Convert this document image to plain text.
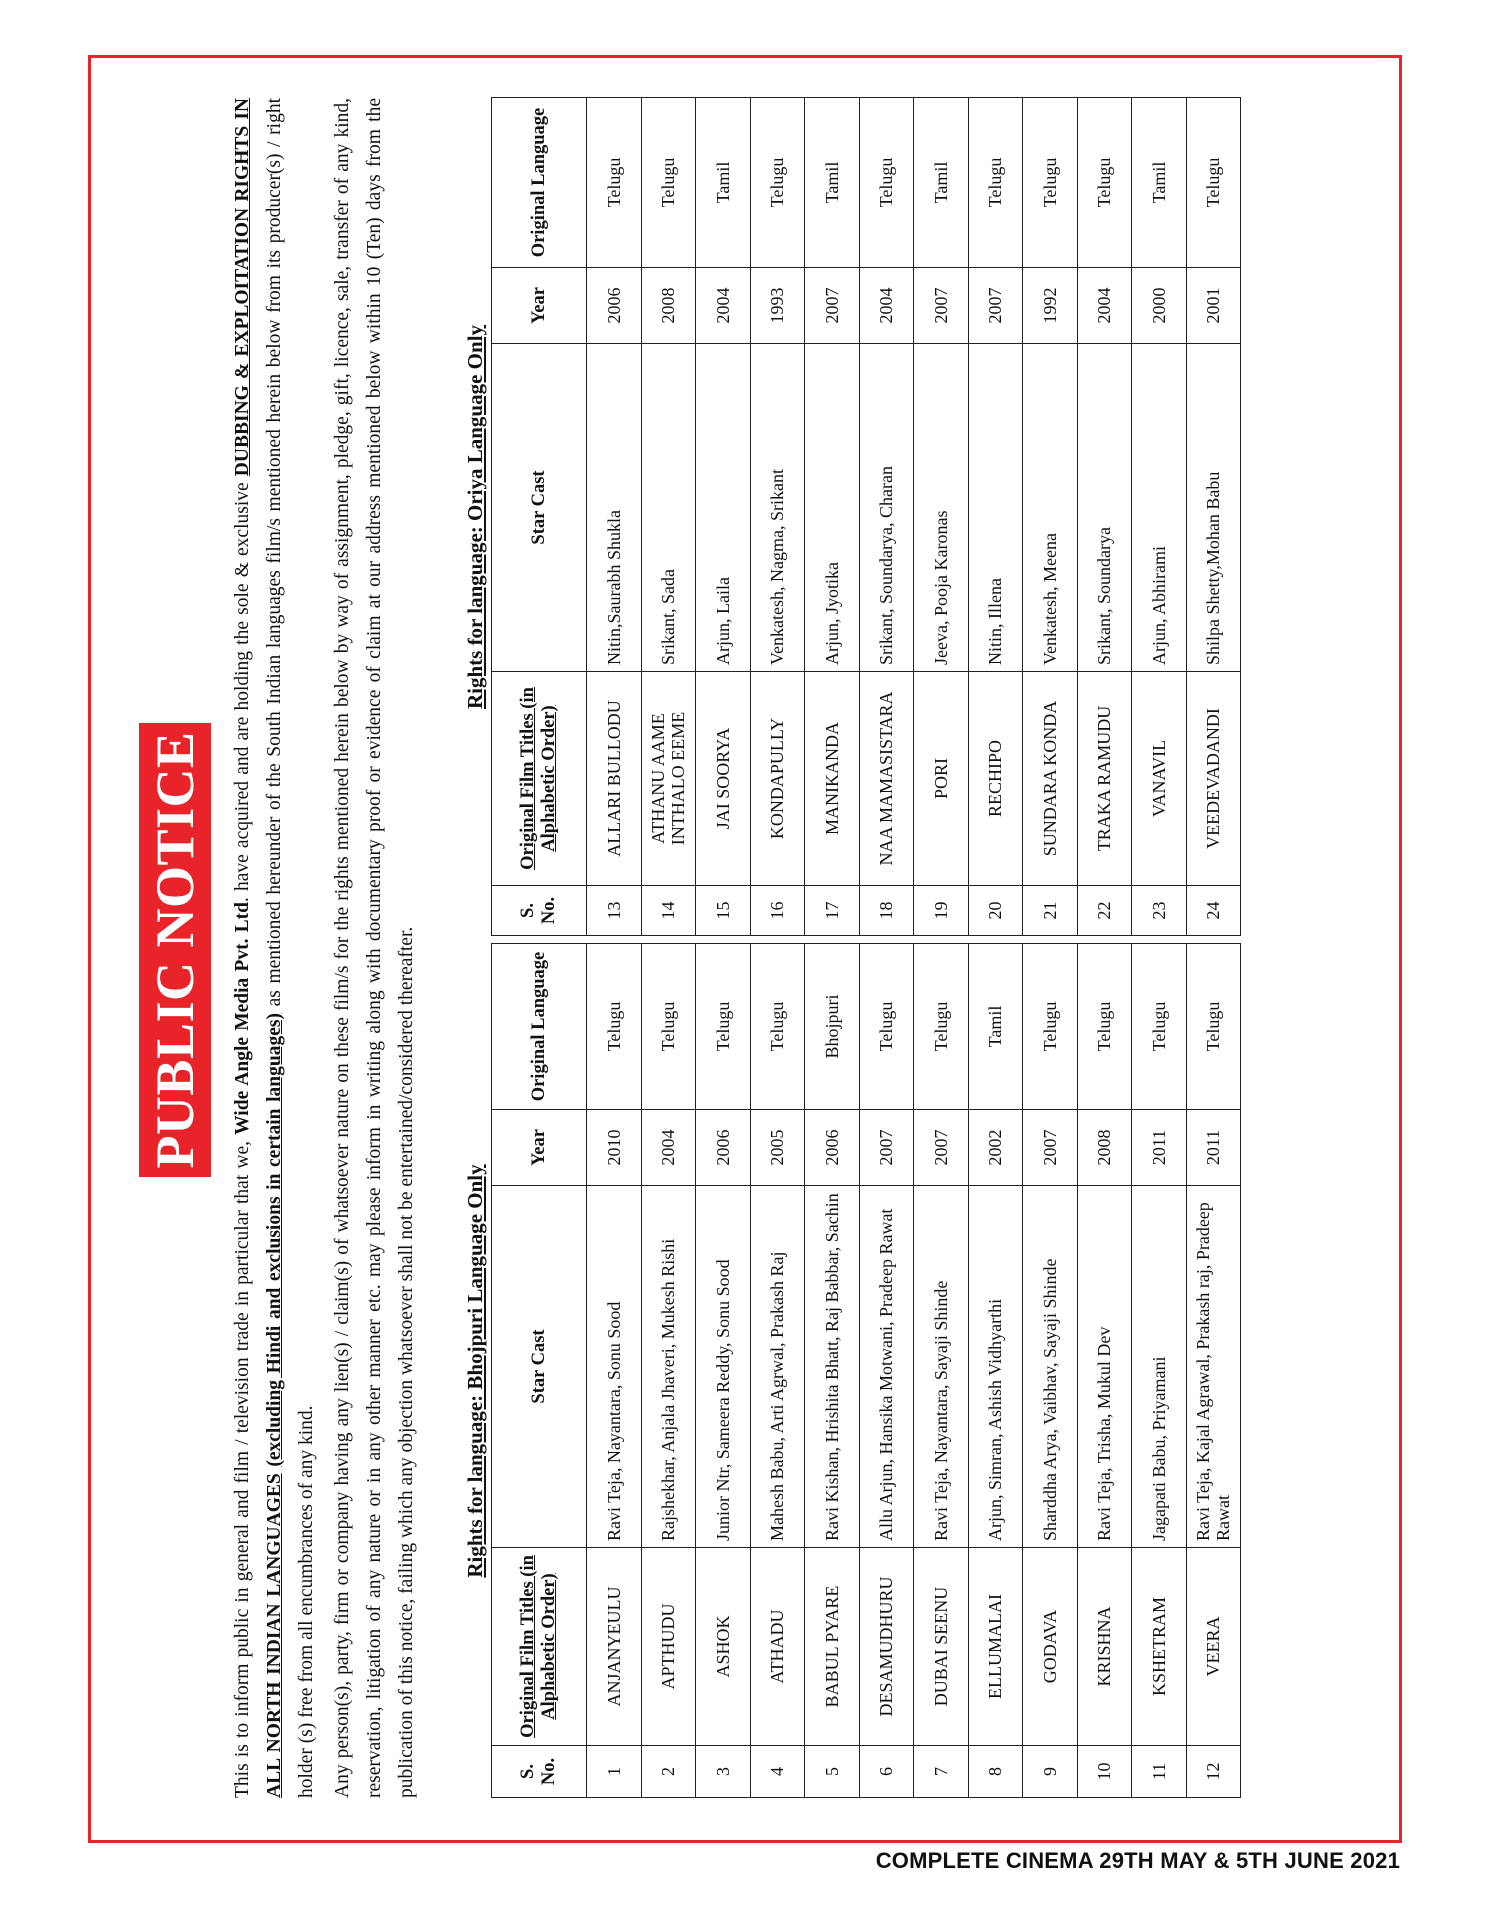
PUBLIC NOTICE

This is to inform public in general and film / television trade in particular that we, Wide Angle Media Pvt. Ltd. have acquired and are holding the sole & exclusive DUBBING & EXPLOITATION RIGHTS IN ALL NORTH INDIAN LANGUAGES (excluding Hindi and exclusions in certain languages) as mentioned hereunder of the South Indian languages film/s mentioned herein below from its producer(s) / right holder (s) free from all encumbrances of any kind. Any person(s), party, firm or company having any lien(s) / claim(s) of whatsoever nature on these film/s for the rights mentioned herein below by way of assignment, pledge, gift, licence, sale, transfer of any kind, reservation, litigation of any nature or in any other manner etc. may please inform in writing along with documentary proof or evidence of claim at our address mentioned below within 10 (Ten) days from the publication of this notice, failing which any objection whatsoever shall not be entertained/considered thereafter. Rights for language: Bhojpuri Language Only
Rights for language: Oriya Language Only
S. No.	Original Film Titles (in Alphabetic Order)	Star Cast	Year	Original Language
1	ANJANYEULU	Ravi Teja, Nayantara, Sonu Sood	2010	Telugu
2	APTHUDU	Rajshekhar, Anjala Jhaveri, Mukesh Rishi	2004	Telugu
3	ASHOK	Junior Ntr, Sameera Reddy, Sonu Sood	2006	Telugu
4	ATHADU	Mahesh Babu, Arti Agrwal, Prakash Raj	2005	Telugu
5	BABUL PYARE	Ravi Kishan, Hrishita Bhatt, Raj Babbar, Sachin	2006	Bhojpuri
6	DESAMUDHURU	Allu Arjun, Hansika Motwani, Pradeep Rawat	2007	Telugu
7	DUBAI SEENU	Ravi Teja, Nayantara, Sayaji Shinde	2007	Telugu
8	ELLUMALAI	Arjun, Simran, Ashish Vidhyarthi	2002	Tamil
9	GODAVA	Sharddha Arya, Vaibhav, Sayaji Shinde	2007	Telugu
10	KRISHNA	Ravi Teja, Trisha, Mukul Dev	2008	Telugu
11	KSHETRAM	Jagapati Babu, Priyamani	2011	Telugu
12	VEERA	Ravi Teja, Kajal Agrawal, Prakash raj, Pradeep Rawat	2011	Telugu
S. No.	Original Film Titles (in Alphabetic Order)	Star Cast	Year	Original Language
13	ALLARI BULLODU	Nitin,Saurabh Shukla	2006	Telugu
14	ATHANU AAME INTHALO EEME	Srikant, Sada	2008	Telugu
15	JAI SOORYA	Arjun, Laila	2004	Tamil
16	KONDAPULLY	Venkatesh, Nagma, Srikant	1993	Telugu
17	MANIKANDA	Arjun, Jyotika	2007	Tamil
18	NAA MAMASISTARA	Srikant, Soundarya, Charan	2004	Telugu
19	PORI	Jeeva, Pooja Karonas	2007	Tamil
20	RECHIPO	Nitin, Illena	2007	Telugu
21	SUNDARA KONDA	Venkatesh, Meena	1992	Telugu
22	TRAKA RAMUDU	Srikant, Soundarya	2004	Telugu
23	VANAVIL	Arjun, Abhirami	2000	Tamil
24	VEEDEVADANDI	Shilpa Shetty,Mohan Babu	2001	Telugu
COMPLETE CINEMA 29TH MAY & 5TH JUNE 2021
